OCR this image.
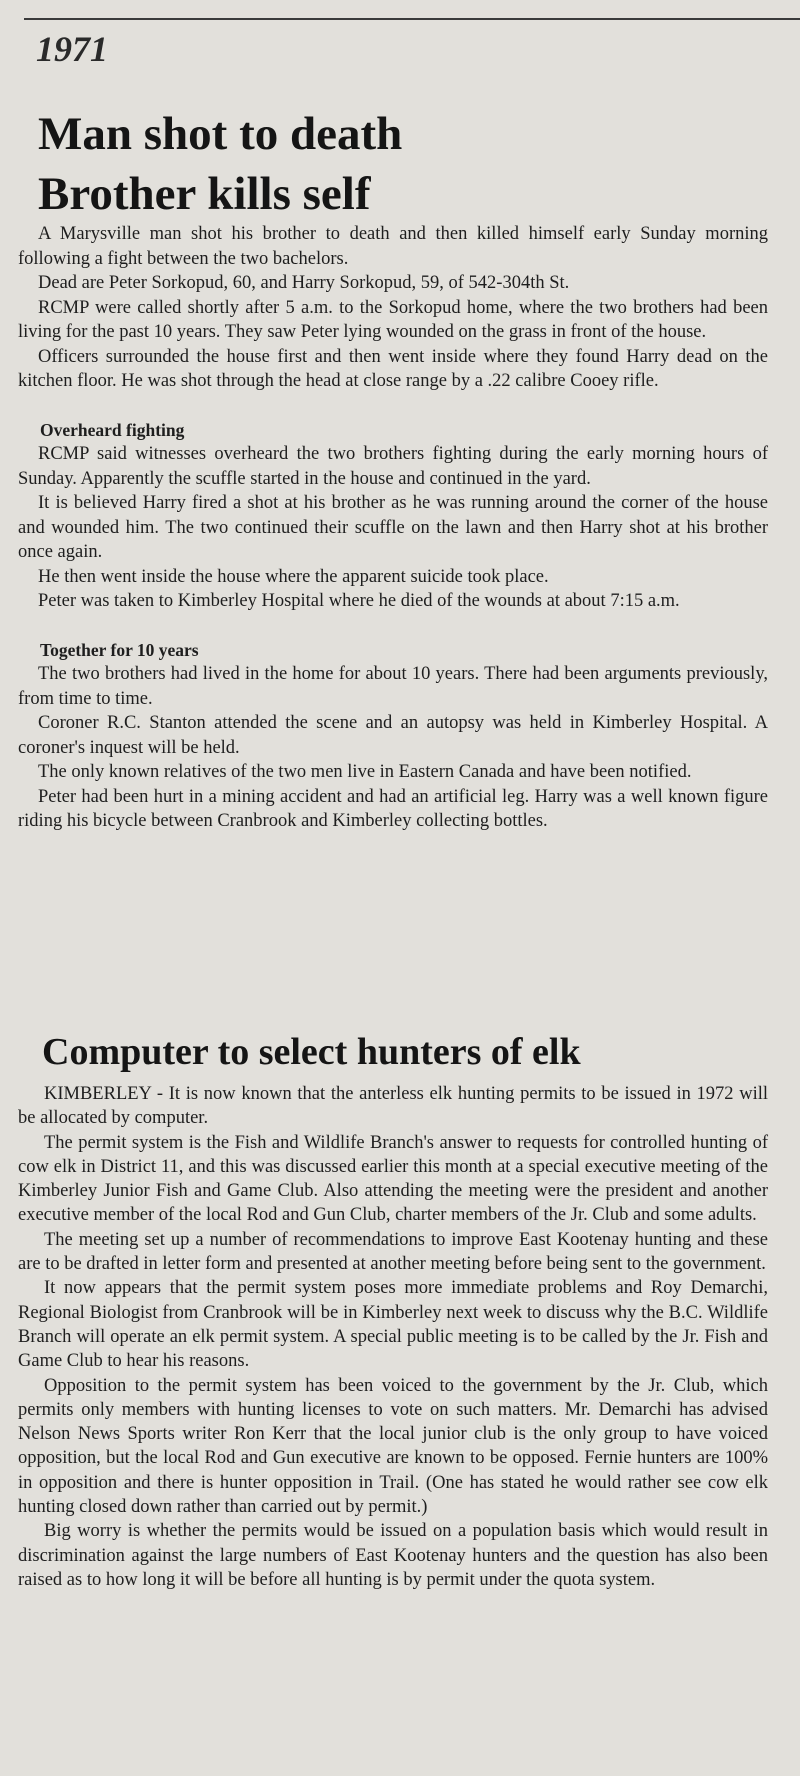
1971
Man shot to death
Brother kills self

A Marysville man shot his brother to death and then killed himself early Sunday morning following a fight between the two bachelors.

Dead are Peter Sorkopud, 60, and Harry Sorkopud, 59, of 542-304th St.

RCMP were called shortly after 5 a.m. to the Sorkopud home, where the two brothers had been living for the past 10 years. They saw Peter lying wounded on the grass in front of the house.

Officers surrounded the house first and then went inside where they found Harry dead on the kitchen floor. He was shot through the head at close range by a .22 calibre Cooey rifle.

Overheard fighting

RCMP said witnesses overheard the two brothers fighting during the early morning hours of Sunday. Apparently the scuffle started in the house and continued in the yard.

It is believed Harry fired a shot at his brother as he was running around the corner of the house and wounded him. The two continued their scuffle on the lawn and then Harry shot at his brother once again.

He then went inside the house where the apparent suicide took place.

Peter was taken to Kimberley Hospital where he died of the wounds at about 7:15 a.m.

Together for 10 years

The two brothers had lived in the home for about 10 years. There had been arguments previously, from time to time.

Coroner R.C. Stanton attended the scene and an autopsy was held in Kimberley Hospital. A coroner's inquest will be held.

The only known relatives of the two men live in Eastern Canada and have been notified.

Peter had been hurt in a mining accident and had an artificial leg. Harry was a well known figure riding his bicycle between Cranbrook and Kimberley collecting bottles.

Computer to select hunters of elk

KIMBERLEY - It is now known that the anterless elk hunting permits to be issued in 1972 will be allocated by computer.

The permit system is the Fish and Wildlife Branch's answer to requests for controlled hunting of cow elk in District 11, and this was discussed earlier this month at a special executive meeting of the Kimberley Junior Fish and Game Club. Also attending the meeting were the president and another executive member of the local Rod and Gun Club, charter members of the Jr. Club and some adults.

The meeting set up a number of recommendations to improve East Kootenay hunting and these are to be drafted in letter form and presented at another meeting before being sent to the government.

It now appears that the permit system poses more immediate problems and Roy Demarchi, Regional Biologist from Cranbrook will be in Kimberley next week to discuss why the B.C. Wildlife Branch will operate an elk permit system. A special public meeting is to be called by the Jr. Fish and Game Club to hear his reasons.

Opposition to the permit system has been voiced to the government by the Jr. Club, which permits only members with hunting licenses to vote on such matters. Mr. Demarchi has advised Nelson News Sports writer Ron Kerr that the local junior club is the only group to have voiced opposition, but the local Rod and Gun executive are known to be opposed. Fernie hunters are 100% in opposition and there is hunter opposition in Trail. (One has stated he would rather see cow elk hunting closed down rather than carried out by permit.)

Big worry is whether the permits would be issued on a population basis which would result in discrimination against the large numbers of East Kootenay hunters and the question has also been raised as to how long it will be before all hunting is by permit under the quota system.
